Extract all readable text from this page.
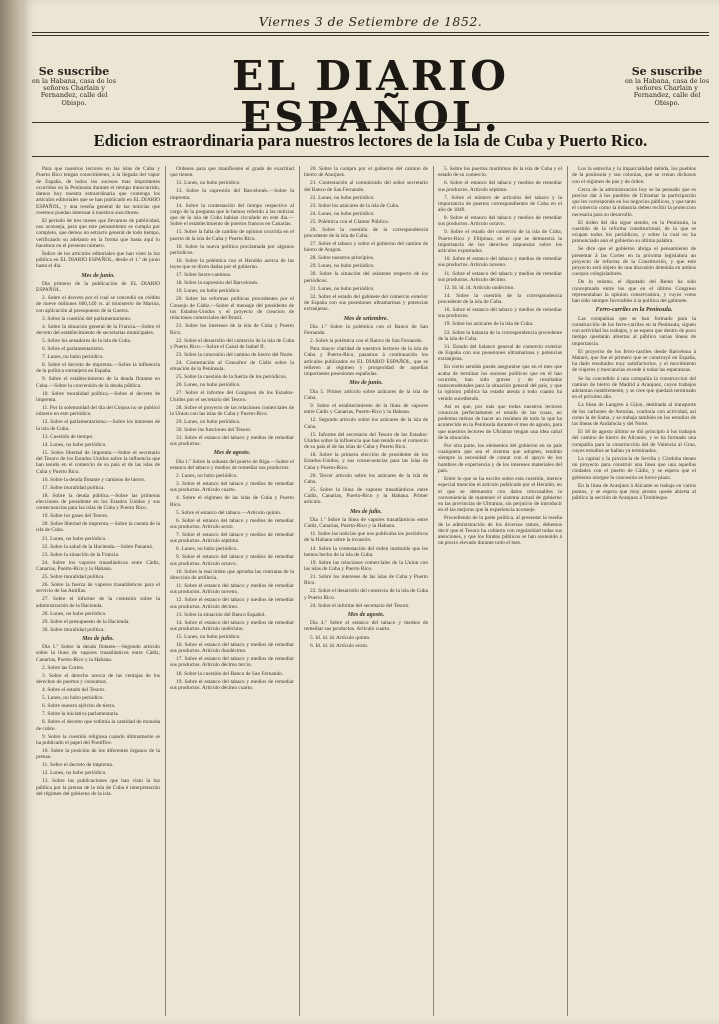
Viernes 3 de Setiembre de 1852.
Se suscribe
en la Habana, casa de los señores Charlain y Fernandez, calle del Obispo.
EL DIARIO ESPAÑOL.
Se suscribe
en la Habana, casa de los señores Charlain y Fernandez, calle del Obispo.
Edicion estraordinaria para nuestros lectores de la Isla de Cuba y Puerto Rico.

Para que nuestros lectores en las islas de Cuba y Puerto Rico tengan conocimiento, á la llegada del vapor de España, de todos los sucesos mas importantes ocurridos en la Península durante el tiempo transcurrido, damos hoy nuestra estraordinaria que contenga los artículos editoriales que se han publicado en EL DIARIO ESPAÑOL, y una reseña general de las noticias que creemos puedan interesar á nuestros suscritores.

El periodo de tres meses que llevamos de publicidad, nos aconseja, para que este pensamiento se cumpla por completo, que demos un estracto general de todo tiempo, verificando su adelanto en la forma que hasta aquí lo hacemos en el presente número.

Índice de los artículos editoriales que han visto la luz pública en EL DIARIO ESPAÑOL, desde el 1.º de junio hasta el dia.

Mes de junio.

Dia primero de la publicación de EL DIARIO ESPAÑOL.

2. Sobre el decreto por el cual se concedió un crédito de nueve millones 600,140 rs. al ministerio de Marina, con aplicación al presupuesto de la Guerra.

3. Sobre la cuestión del parlamentarismo.

4. Sobre la situación general de la Francia.—Sobre el decreto del establecimiento de secretarías municipales.

5. Sobre los senadores de la isla de Cuba.

6. Sobre el parlamentarismo.

7. Lunes, no hubo periódico.

8. Sobre el decreto de imprenta.—Sobre la influencia de la política extranjera en España.

9. Sobre el establecimiento de la deuda flotante en Cuba.—Sobre la conversión de la deuda pública.

10. Sobre moralidad política.—Sobre el decreto de imprenta.

11. Por la solemnidad del dia del Corpus no se publicó número en este periódico.

12. Sobre el parlamentarismo.—Sobre los intereses de la isla de Cuba.

13. Cuestión de tiempo.

14. Lunes, no hubo periódico.

15. Sobre libertad de imprenta.—Sobre el secretario del Tesoro de los Estados Unidos sobre la influencia que han tenido en el comercio de su país el de las islas de Cuba y Puerto Rico.

16. Sobre la deuda flotante y caminos de hierro.

17. Sobre moralidad política.

18. Sobre la deuda pública.—Sobre las primeras elecciones de presidente en los Estados Unidos y sus consecuencias para las islas de Cuba y Puerto Rico.

19. Sobre los gases del Tesoro.

20. Sobre libertad de imprenta.—Sobre la cuenta de la isla de Cuba.

21. Lunes, no hubo periódico.

22. Sobre la salud de la Hacienda.—Sobre Panamá.

23. Sobre la situación de la Francia.

24. Sobre los vapores trasatlánticos entre Cádiz, Canarias, Puerto-Rico y la Habana.

25. Sobre moralidad política.

26. Sobre la fuerza de vapores trasatlánticos para el servicio de las Antillas.

27. Sobre el informe de la comisión sobre la administración de la Hacienda.

28. Lunes, no hubo periódico.

29. Sobre el presupuesto de la Hacienda.

30. Sobre moralidad política.

Mes de julio.

Dia 1.º Sobre la deuda flotante.—Segundo artículo sobre la línea de vapores trasatlánticos entre Cádiz, Canarias, Puerto-Rico y la Habana.

2. Sobre las Cortes.

3. Sobre el derecho acerca de las ventajas de los derechos de puertos y consumos.

4. Sobre el estado del Tesoro.

5. Lunes, no hubo periódico.

6. Sobre nuestro ejército de tierra.

7. Sobre la iniciativa parlamentaria.

8. Sobre el decreto que redimía la cantidad de moneda de cobre.

9. Sobre la cuestión religiosa cuando últimamente se ha publicado el papel del Pontífice.

10. Sobre la posición de los diferentes órganos de la prensa.

11. Sobre el decreto de imprenta.

12. Lunes, no hubo periódico.

13. Sobre las publicaciones que han visto la luz pública por la prensa de la isla de Cuba é interpretación del régimen del gobierno de la isla.

Ordenes para que manifiesten el grado de exactitud que tienen.

12. Lunes, no hubo periódico.

13. Sobre la supresión del Barcelonés.—Sobre la imprenta.

14. Sobre la contestación del tiempo respectivo al cargo de la pregunta que le hemos referido á las noticias que de la isla de Cuba habian circulado en este dia.—Sobre el establecimiento de puertos francos en Canarias.

15. Sobre la falta de cambio de opinion ocurrida en el puerto de la isla de Cuba y Puerto Rico.

16. Sobre la nueva política proclamada por algunos periódicos.

16. Sobre la polémica con el Heraldo acerca de las leyes que se dicen dadas por el gobierno.

17. Sobre Sexto-caminos.

18. Sobre la supresión del Barcelonés.

19. Lunes, no hubo periódico.

20. Sobre las reformas políticas procedentes por el Consejo de Cádiz.—Sobre el mensaje del presidente de los Estados-Unidos y el proyecto de creacion de relaciones comerciales del Brasil.

21. Sobre los intereses de la isla de Cuba y Puerto Rico.

22. Sobre el desarrollo del comercio de la isla de Cuba y Puerto Rico.—Sobre el Canal de Isabel II.

23. Sobre la concesión del camino de hierro del Norte.

24. Contestación al Consultor de Cádiz sobre la situación de la Península.

25. Sobre la cuestión de la fuerza de los periódicos.

26. Lunes, no hubo periódico.

27. Sobre el informe del Congreso de los Estados-Unidos por el secretario del Tesoro.

28. Sobre el proyecto de las relaciones comerciales de la Union con las islas de Cuba y Puerto-Rico.

29. Lunes, no hubo periódico.

30. Sobre las funciones del Tesoro.

31. Sobre el estanco del tabaco y medios de remediar sus productos.

Mes de agosto.

Dia 1.º Sobre la subasta del puerto de Riga.—Sobre el estanco del tabaco y medios de remediar sus productos.

2. Lunes, no hubo periódico.

3. Sobre el estanco del tabaco y medios de remediar sus productos. Artículo cuarto.

4. Sobre el régimen de las islas de Cuba y Puerto Rico.

5. Sobre el estanco del tabaco.—Artículo quinto.

6. Sobre el estanco del tabaco y medios de remediar sus productos. Artículo sexto.

7. Sobre el estanco del tabaco y medios de remediar sus productos. Artículo séptimo.

8. Lunes, no hubo periódico.

9. Sobre el estanco del tabaco y medios de remediar sus productos. Artículo octavo.

10. Sobre la real órden que aprueba las contratas de la dirección de artillería.

11. Sobre el estanco del tabaco y medios de remediar sus productos. Artículo noveno.

12. Sobre el estanco del tabaco y medios de remediar sus productos. Artículo décimo.

13. Sobre la situación del Banco Español.

14. Sobre el estanco del tabaco y medios de remediar sus productos. Artículo undécimo.

15. Lunes, no hubo periódico.

16. Sobre el estanco del tabaco y medios de remediar sus productos. Artículo duodécimo.

17. Sobre el estanco del tabaco y medios de remediar sus productos. Artículo décimo tercio.

18. Sobre la cuestión del Banco de San Fernando.

19. Sobre el estanco del tabaco y medios de remediar sus productos. Artículo décimo cuarto.

20. Sobre la compra por el gobierno del camino de hierro de Aranjuez.

21. Contestación al comunicado del señor secretario del Banco de San Fernando.

22. Lunes, no hubo periódico.

23. Sobre los azúcares de la isla de Cuba.

24. Lunes, no hubo periódico.

25. Polémica con el Clamor Público.

26. Sobre la cuestión de la correspondencia procedente de la isla de Cuba.

27. Sobre el tabaco y sobre el gobierno del camino de hierro de Aragon.

28. Sobre nuestros principios.

29. Lunes, no hubo periódico.

30. Sobre la situación del asistente respecto de los periódicos.

31. Lunes, no hubo periódico.

32. Sobre el estado del gabinete del comercio exterior de España con sus posesiones ultramarinas y potencias extranjeras.

Mes de setiembre.

Dia 1.º Sobre la polémica con el Banco de San Fernando.

2. Sobre la polémica con el Banco de San Fernando.

Para mayor claridad de nuestros lectores de la isla de Cuba y Puerto-Rico, pasamos á continuación los artículos publicados en EL DIARIO ESPAÑOL, que se refieren al régimen y prosperidad de aquellas importantes posesiones españolas.

Mes de junio.

Dia 5. Primer artículo sobre azúcares de la isla de Cuba.

9. Sobre el establecimiento de la línea de vapores entre Cádiz y Canarias, Puerto-Rico y la Habana.

12. Segundo artículo sobre los azúcares de la isla de Cuba.

15. Informe del secretario del Tesoro de los Estados-Unidos sobre la influencia que han tenido en el comercio de su país el de las islas de Cuba y Puerto Rico.

18. Sobre la primera elección de presidente de los Estados-Unidos, y sus consecuencias para las islas de Cuba y Puerto-Rico.

20. Tercer artículo sobre los azúcares de la isla de Cuba.

25. Sobre la línea de vapores trasatlánticos entre Cádiz, Canarias, Puerto-Rico y la Habana. Primer artículo.

Mes de julio.

Dia 1.º Sobre la línea de vapores trasatlánticos entre Cádiz, Canarias, Puerto-Rico y la Habana.

11. Sobre las noticias que nos publicaba los periódicos de la Habana sobre la invasión.

14. Sobre la contestación del órden instituído que les hemos hecho de la isla de Cuba.

19. Sobre las relaciones comerciales de la Union con las islas de Cuba y Puerto Rico.

21. Sobre los intereses de las islas de Cuba y Puerto Rico.

22. Sobre el desarrollo del comercio de la isla de Cuba y Puerto Rico.

24. Sobre el informe del secretario del Tesoro.

Mes de agosto.

Dia 4.º Sobre el estanco del tabaco y medios de remediar sus productos. Artículo cuarto.

5. Id. id. id. Artículo quinto.

6. Id. id. id. Artículo sexto.

5. Sobre los puertos marítimos de la isla de Cuba y el estado de su comercio.

6. Sobre el estanco del tabaco y medios de remediar sus productos. Artículo séptimo.

7. Sobre el número de artículos del tabaco y la importancia de puertos correspondientes de Cuba en el año de 1849.

8. Sobre el estanco del tabaco y medios de remediar sus productos. Artículo octavo.

9. Sobre el estado del comercio de la isla de Cuba, Puerto-Rico y Filipinas, en el que se demuestra la importancia de los derechos impuestos sobre los artículos exportados.

10. Sobre el estanco del tabaco y medios de remediar sus productos. Artículo noveno.

11. Sobre el estanco del tabaco y medios de remediar sus productos. Artículo décimo.

12. Id. id. id. Artículo undécimo.

14. Sobre la cuestión de la correspondencia procedente de la isla de Cuba.

16. Sobre el estanco del tabaco y medios de remediar sus productos.

19. Sobre los azúcares de la isla de Cuba.

23. Sobre la balanza de la correspondencia procedente de la isla de Cuba.

31. Estado del balance general de comercio exterior de España con sus posesiones ultramarinas y potencias extranjeras.

En cierto sentido puede asegurarse que en el mes que acaba de terminar los sucesos políticos que en él han ocurrido, han sido graves y de resultados transcendentales para la situación general del país, y que la opinion pública ha estado atenta á todo cuanto ha venido sucediendo.

Así es que, por más que todos nuestros lectores conozcan perfectamente el estado de las cosas, no podemos ménos de hacer un resúmen de todo lo que ha acontecido en la Península durante el mes de agosto, para que nuestros lectores de Ultramar tengan una idea cabal de la situación.

Por otra parte, los elementos del gobierno en su país cualquiera que sea el sistema que adopten, tendrán siempre la necesidad de contar con el apoyo de los hombres de experiencia y de los intereses materiales del país.

Entre lo que se ha escrito sobre esta cuestión, merece especial mención el artículo publicado por el Heraldo, en el que se demuestra con datos irrecusables la conveniencia de mantener el sistema actual de gobierno en las provincias de Ultramar, sin perjuicio de introducir en él las mejoras que la experiencia aconseje.

Procediendo de la parte política, al presentar la reseña de la administración de los diversos ramos, debemos decir que el Tesoro ha cubierto con regularidad todas sus atenciones, y que los fondos públicos se han sostenido á un precio elevado durante todo el mes.

Los la estrecha y la imparcialidad debida, los pueblos de la península y sus colonias, que se creian dichosos con el régimen de paz y de órden.

Cerca de la administración hoy se ha pensado que es preciso dar á los pueblos de Ultramar la participación que les corresponde en los negocios públicos, y que tanto el comercio como la industria deben recibir la proteccion necesaria para su desarrollo.

El órden del día sigue siendo, en la Península, la cuestión de la reforma constitucional, de la que se ocupan todos los periódicos, y sobre la cual no ha pronunciado aun el gobierno su última palabra.

Se dice que el gobierno abriga el pensamiento de presentar á las Cortes en la próxima legislatura un proyecto de reforma de la Constitución, y que este proyecto será objeto de una discusión detenida en ambos cuerpos colegisladores.

De lo mismo, el diputado del Reino ha sido conceptuado entre los que en el último Congreso representaban la opinion conservadora, y cuyos votos han sido siempre favorables á la política del gabinete.

Ferro-carriles en la Península.

Las compañías que se han formado para la construcción de los ferro-carriles en la Península, siguen con actividad los trabajos, y se espera que dentro de poco tiempo quedarán abiertas al público varias líneas de importancia.

El proyecto de los ferro-carriles desde Barcelona á Mataró, que fue el primero que se construyó en España, ha dado resultados muy satisfactorios, y el movimiento de viajeros y mercancías excede á todas las esperanzas.

Se ha concedido á una compañía la construccion del camino de hierro de Madrid á Aranjuez, cuyos trabajos adelantan notablemente, y se cree que quedará terminado en el próximo año.

La línea de Langreo á Gijon, destinada al transporte de los carbones de Asturias, continúa con actividad, así como la de Sama, y se trabaja también en los estudios de las líneas de Andalucía y del Norte.

El 18 de agosto último se dió principio á los trabajos del camino de hierro de Alicante, y se ha formado una compañía para la construcción del de Valencia al Grao, cuyos estudios se hallan ya terminados.

La capital y la provincia de Sevilla y Córdoba tienen un proyecto para construir una línea que una aquellas ciudades con el puerto de Cádiz, y se espera que el gobierno otorgue la concesión en breve plazo.

En la línea de Aranjuez á Alicante se trabaja en varios puntos, y se espera que muy pronto quede abierta al público la sección de Aranjuez á Tembleque.
